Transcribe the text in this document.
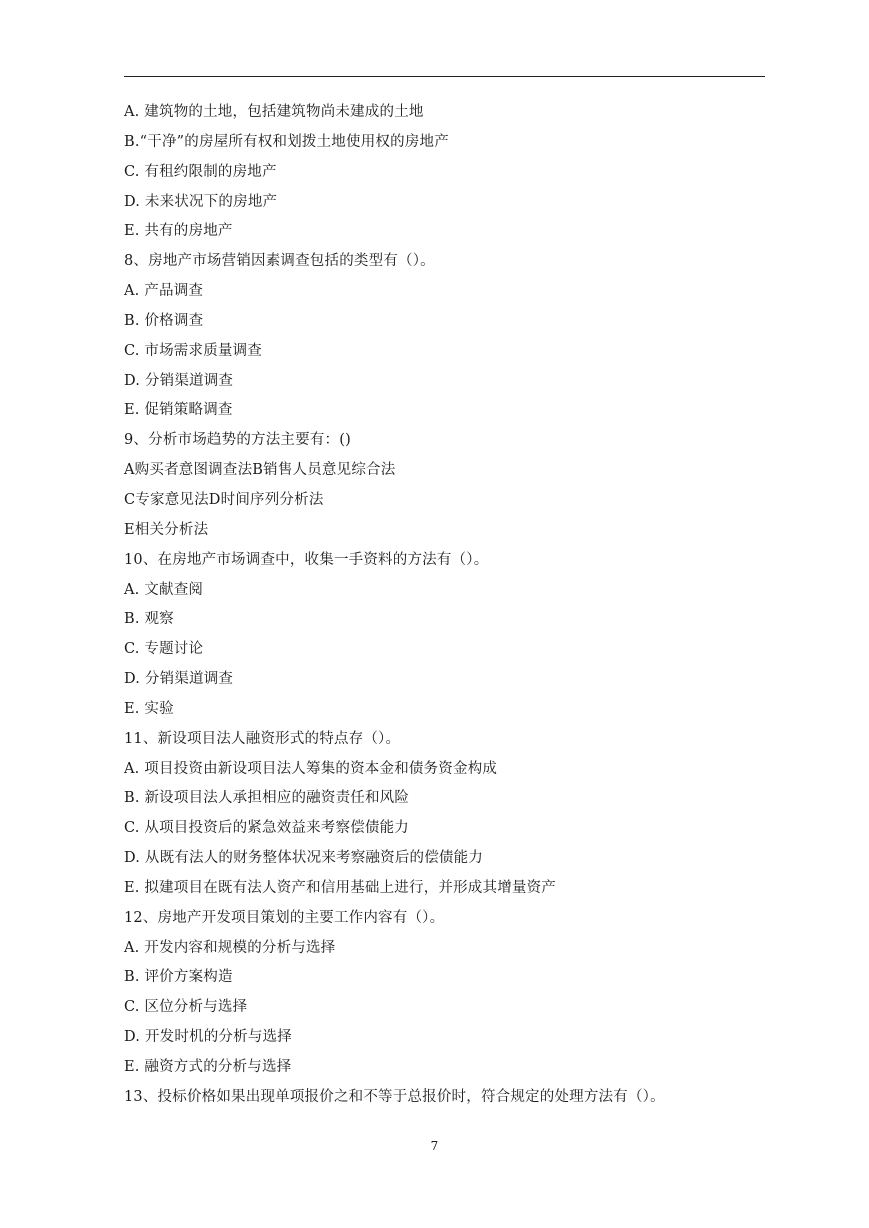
A. 建筑物的土地，包括建筑物尚未建成的土地
B.“干净”的房屋所有权和划拨土地使用权的房地产
C. 有租约限制的房地产
D. 未来状况下的房地产
E. 共有的房地产
8、房地产市场营销因素调查包括的类型有（）。
A. 产品调查
B. 价格调查
C. 市场需求质量调查
D. 分销渠道调查
E. 促销策略调查
9、分析市场趋势的方法主要有：()
A购买者意图调查法B销售人员意见综合法
C专家意见法D时间序列分析法
E相关分析法
10、在房地产市场调查中，收集一手资料的方法有（）。
A. 文献查阅
B. 观察
C. 专题讨论
D. 分销渠道调查
E. 实验
11、新设项目法人融资形式的特点存（）。
A. 项目投资由新设项目法人筹集的资本金和债务资金构成
B. 新设项目法人承担相应的融资责任和风险
C. 从项目投资后的紧急效益来考察偿债能力
D. 从既有法人的财务整体状况来考察融资后的偿债能力
E. 拟建项目在既有法人资产和信用基础上进行，并形成其增量资产
12、房地产开发项目策划的主要工作内容有（）。
A. 开发内容和规模的分析与选择
B. 评价方案构造
C. 区位分析与选择
D. 开发时机的分析与选择
E. 融资方式的分析与选择
13、投标价格如果出现单项报价之和不等于总报价时，符合规定的处理方法有（）。
7
